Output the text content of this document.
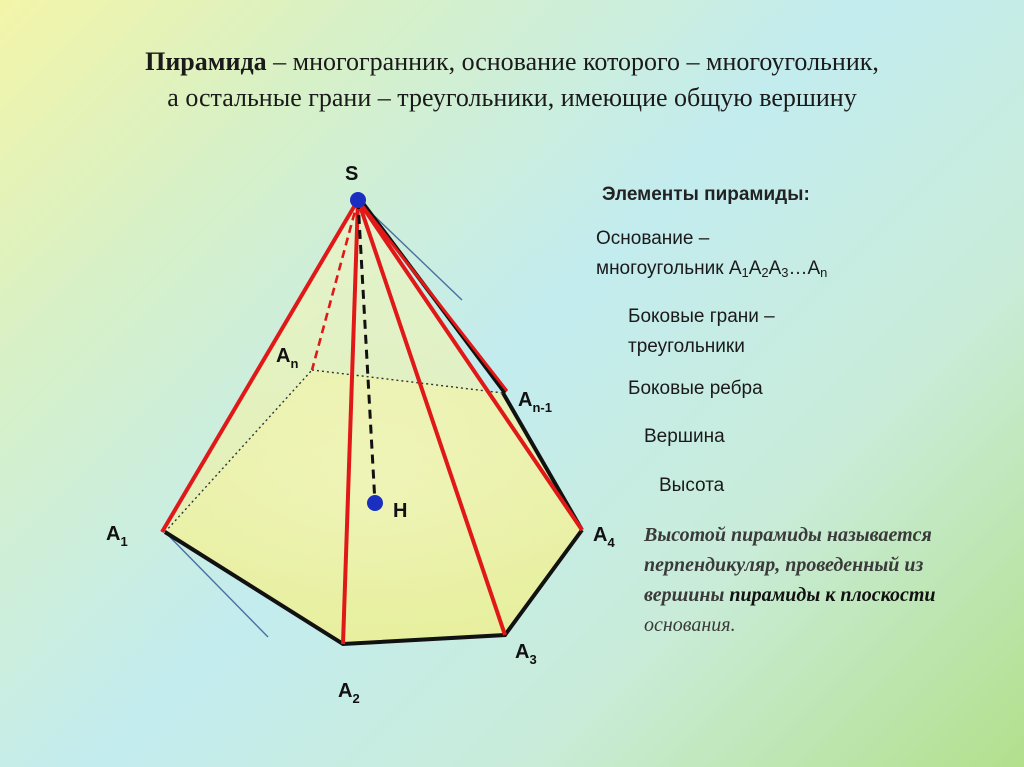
Пирамида – многогранник, основание которого – многоугольник,
а остальные грани – треугольники, имеющие общую вершину
S
H
$A_1$
$A_2$
$A_3$
$A_4$
$A_n$
$A_{n-1}$
Элементы пирамиды:
Основание –
многоугольник $A_1A_2A_3\dots A_n$
Боковые грани –
треугольники
Боковые ребра
Вершина
Высота
Высотой пирамиды называется перпендикуляр, проведенный из вершины пирамиды к плоскости основания.
